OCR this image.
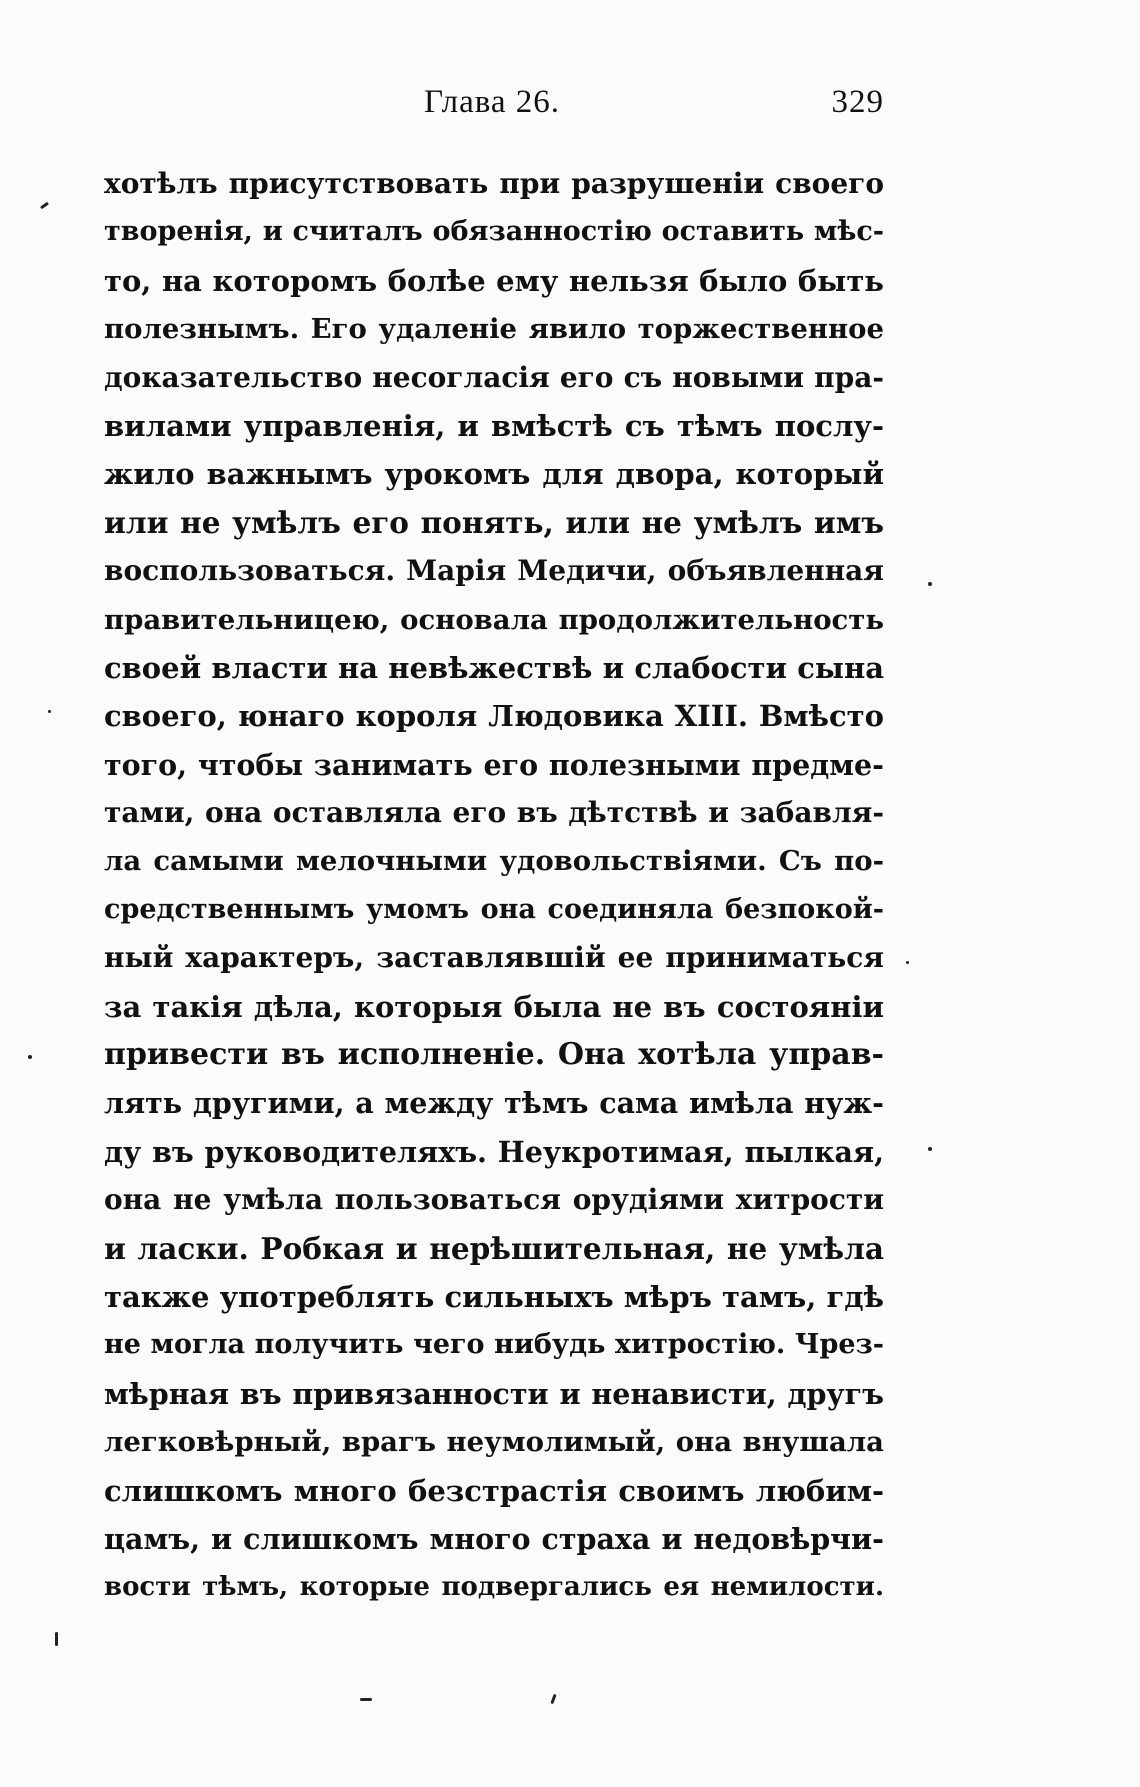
Глава 26.	329
хотѣлъ присутствовать при разрушеніи своего
творенія, и считалъ обязанностію оставить мѣс-
то, на которомъ болѣе ему нельзя было быть
полезнымъ. Его удаленіе явило торжественное
доказательство несогласія его съ новыми пра-
вилами управленія, и вмѣстѣ съ тѣмъ послу-
жило важнымъ урокомъ для двора, который
или не умѣлъ его понять, или не умѣлъ имъ
воспользоваться. Марія Медичи, объявленная
правительницею, основала продолжительность
своей власти на невѣжествѣ и слабости сына
своего, юнаго короля Людовика XIII. Вмѣсто
того, чтобы занимать его полезными предме-
тами, она оставляла его въ дѣтствѣ и забавля-
ла самыми мелочными удовольствіями. Съ по-
средственнымъ умомъ она соединяла безпокой-
ный характеръ, заставлявшій ее приниматься
за такія дѣла, которыя была не въ состояніи
привести въ исполненіе. Она хотѣла управ-
лять другими, а между тѣмъ сама имѣла нуж-
ду въ руководителяхъ. Неукротимая, пылкая,
она не умѣла пользоваться орудіями хитрости
и ласки. Робкая и нерѣшительная, не умѣла
также употреблять сильныхъ мѣръ тамъ, гдѣ
не могла получить чего нибудь хитростію. Чрез-
мѣрная въ привязанности и ненависти, другъ
легковѣрный, врагъ неумолимый, она внушала
слишкомъ много безстрастія своимъ любим-
цамъ, и слишкомъ много страха и недовѣрчи-
вости тѣмъ, которые подвергались ея немилости.
